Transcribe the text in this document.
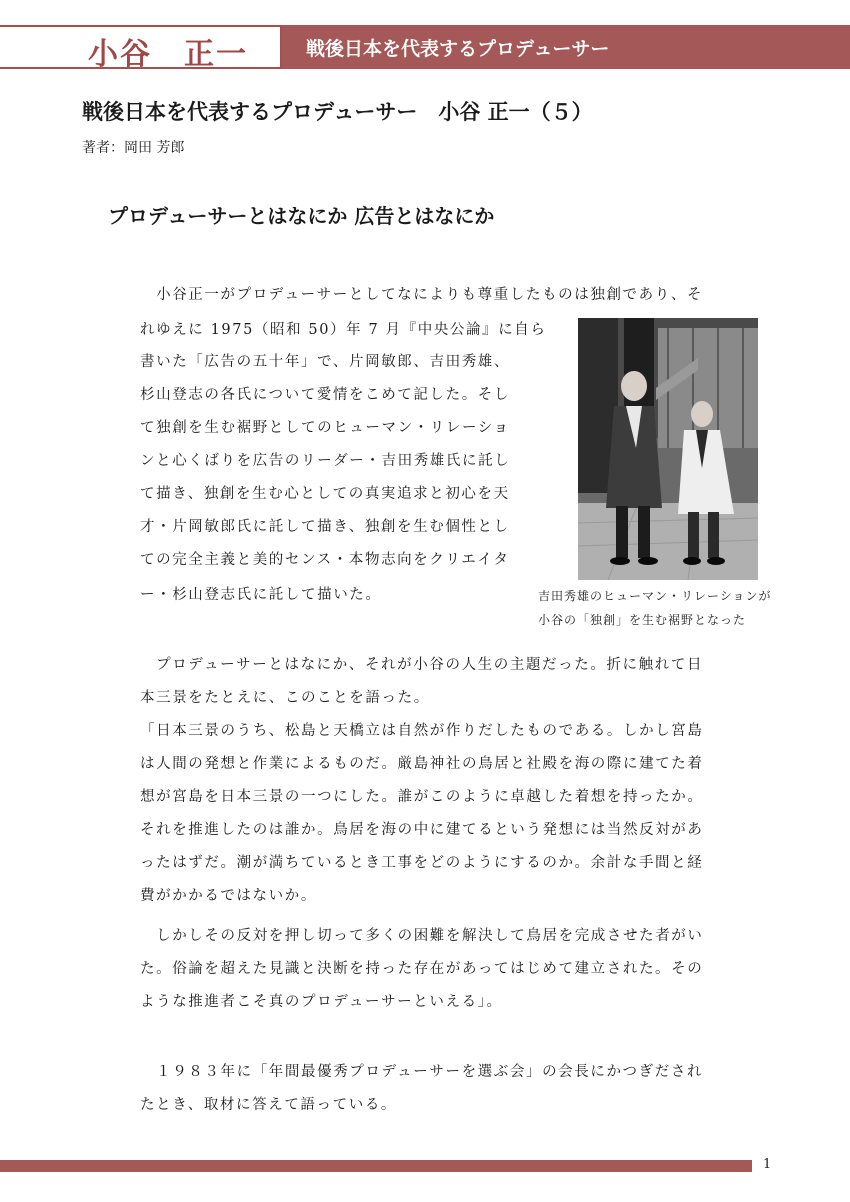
小谷　正一	戦後日本を代表するプロデューサー
戦後日本を代表するプロデューサー　小谷 正一（５）
著者：岡田 芳郎
プロデューサーとはなにか 広告とはなにか
　小谷正一がプロデューサーとしてなによりも尊重したものは独創であり、そ
れゆえに 1975（昭和 50）年 7 月『中央公論』に自ら
書いた「広告の五十年」で、片岡敏郎、吉田秀雄、
杉山登志の各氏について愛情をこめて記した。そし
て独創を生む裾野としてのヒューマン・リレーショ
ンと心くばりを広告のリーダー・吉田秀雄氏に託し
て描き、独創を生む心としての真実追求と初心を天
才・片岡敏郎氏に託して描き、独創を生む個性とし
ての完全主義と美的センス・本物志向をクリエイタ
ー・杉山登志氏に託して描いた。	吉田秀雄のヒューマン・リレーションが
小谷の「独創」を生む裾野となった
　プロデューサーとはなにか、それが小谷の人生の主題だった。折に触れて日
本三景をたとえに、このことを語った。
「日本三景のうち、松島と天橋立は自然が作りだしたものである。しかし宮島
は人間の発想と作業によるものだ。厳島神社の鳥居と社殿を海の際に建てた着
想が宮島を日本三景の一つにした。誰がこのように卓越した着想を持ったか。
それを推進したのは誰か。鳥居を海の中に建てるという発想には当然反対があ
ったはずだ。潮が満ちているとき工事をどのようにするのか。余計な手間と経
費がかかるではないか。
　しかしその反対を押し切って多くの困難を解決して鳥居を完成させた者がい
た。俗論を超えた見識と決断を持った存在があってはじめて建立された。その
ような推進者こそ真のプロデューサーといえる」。
　１９８３年に「年間最優秀プロデューサーを選ぶ会」の会長にかつぎだされ
たとき、取材に答えて語っている。
1
